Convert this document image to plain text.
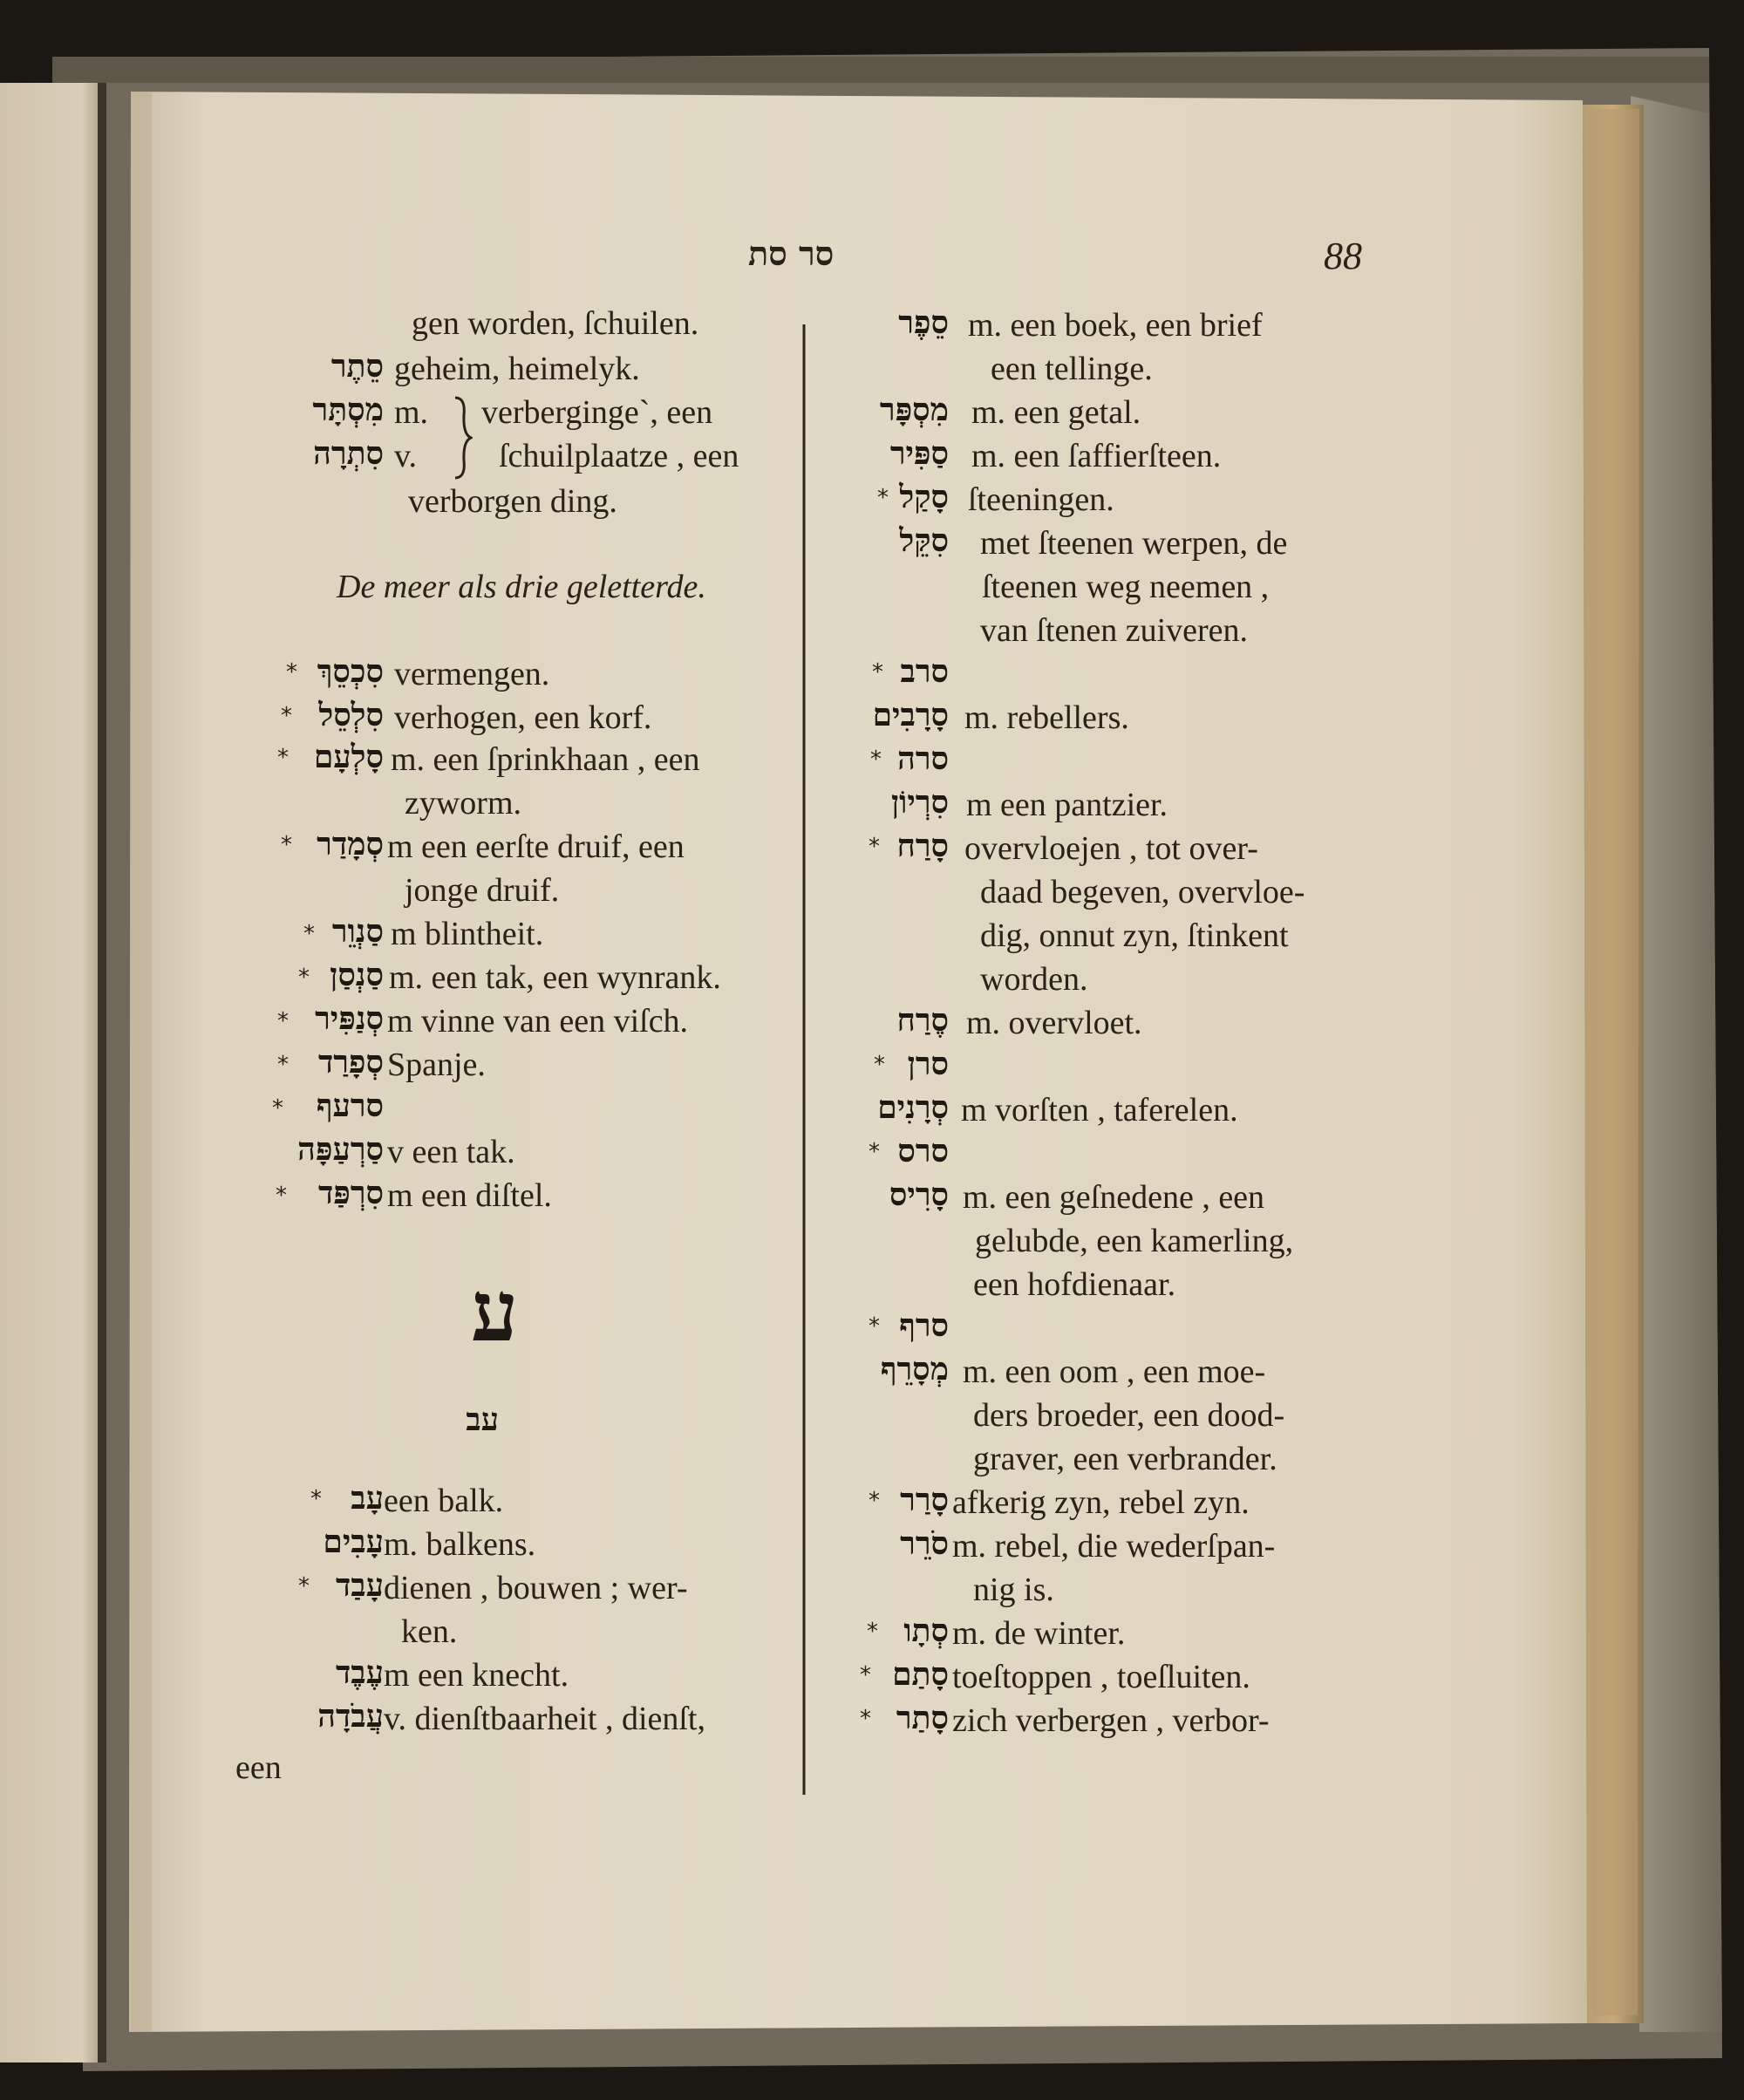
סר סת	88
gen worden, ſchuilen.
סֵתֶר geheim, heimelyk.
מִסְתָּר m.
סִתְרָה v.
verbergingeˋ, een
ſchuilplaatze , een
verborgen ding.
De meer als drie geletterde.
* סִכְסֵךְ vermengen.
* סִלְסֵל verhogen, een korf.
* סָלְעָם m. een ſprinkhaan , een
zyworm.
* סְמָדַר m een eerſte druif, een
jonge druif.
* סַנְוֵר m blintheit.
* סַנְסַן m. een tak, een wynrank.
* סְנַפִּיר m vinne van een viſch.
* סְפָרַד Spanje.
* סרעף
סַרְעַפָּה v een tak.
* סִרְפַּד m een diſtel.
ע
עב
* עָב een balk.
עָבִים m. balkens.
* עָבַד dienen , bouwen ; wer-
ken.
עֶבֶד m een knecht.
עֲבֹדָה v. dienſtbaarheit , dienſt,
een
סֵפֶר m. een boek, een brief
een tellinge.
מִסְפָּר m. een getal.
סַפִּיר m. een ſaffierſteen.
* סָקַל ſteeningen.
סִקֵּל met ſteenen werpen, de
ſteenen weg neemen ,
van ſtenen zuiveren.
* סרב
סָרָבִים m. rebellers.
* סרה
סִרְיוֹן m een pantzier.
* סָרַח overvloejen , tot over-
daad begeven, overvloe-
dig, onnut zyn, ſtinkent
worden.
סֶרַח m. overvloet.
* סרן
סְרָנִים m vorſten , taferelen.
* סרס
סָרִיס m. een geſnedene , een
gelubde, een kamerling,
een hofdienaar.
* סרף
מְסָרֵף m. een oom , een moe-
ders broeder, een dood-
graver, een verbrander.
* סָרַר afkerig zyn, rebel zyn.
סֹרֵר m. rebel, die wederſpan-
nig is.
* סְתָו m. de winter.
* סָתַם toeſtoppen , toeſluiten.
* סָתַר zich verbergen , verbor-
